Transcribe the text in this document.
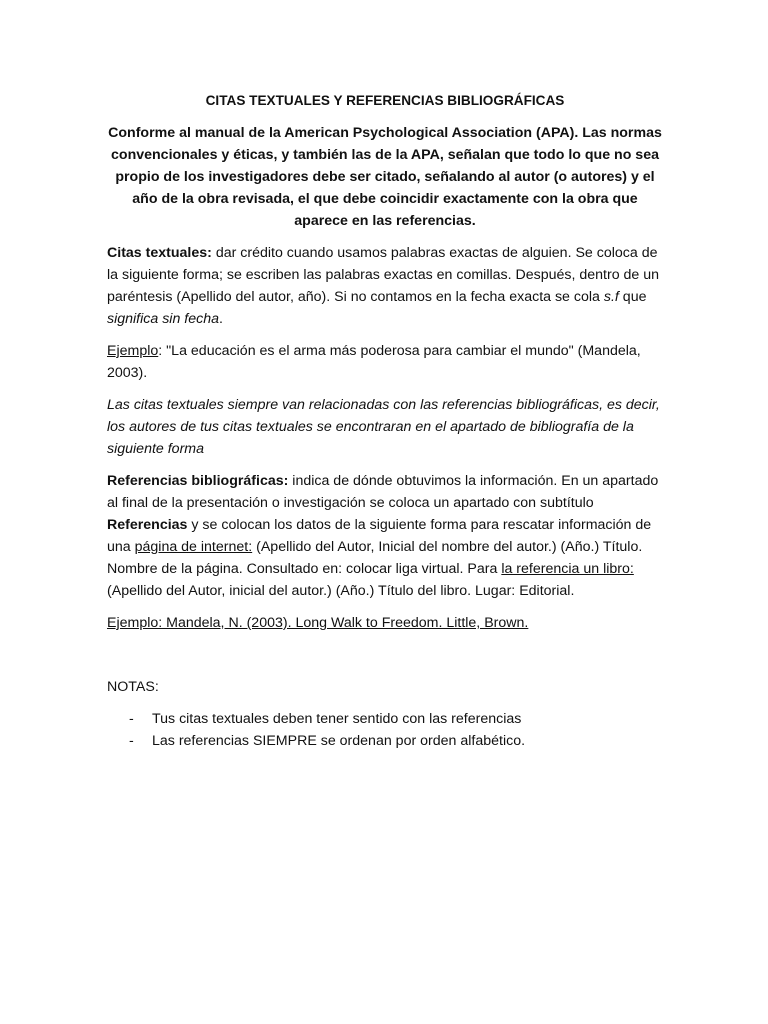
CITAS TEXTUALES Y REFERENCIAS BIBLIOGRÁFICAS

Conforme al manual de la American Psychological Association (APA). Las normas convencionales y éticas, y también las de la APA, señalan que todo lo que no sea propio de los investigadores debe ser citado, señalando al autor (o autores) y el año de la obra revisada, el que debe coincidir exactamente con la obra que aparece en las referencias.

Citas textuales: dar crédito cuando usamos palabras exactas de alguien. Se coloca de la siguiente forma; se escriben las palabras exactas en comillas. Después, dentro de un paréntesis (Apellido del autor, año). Si no contamos en la fecha exacta se cola s.f que significa sin fecha.

Ejemplo: "La educación es el arma más poderosa para cambiar el mundo" (Mandela, 2003).

Las citas textuales siempre van relacionadas con las referencias bibliográficas, es decir, los autores de tus citas textuales se encontraran en el apartado de bibliografía de la siguiente forma

Referencias bibliográficas: indica de dónde obtuvimos la información. En un apartado al final de la presentación o investigación se coloca un apartado con subtítulo Referencias y se colocan los datos de la siguiente forma para rescatar información de una página de internet: (Apellido del Autor, Inicial del nombre del autor.) (Año.) Título. Nombre de la página. Consultado en: colocar liga virtual. Para la referencia un libro: (Apellido del Autor, inicial del autor.) (Año.) Título del libro. Lugar: Editorial.

Ejemplo: Mandela, N. (2003). Long Walk to Freedom. Little, Brown.

NOTAS:

-	Tus citas textuales deben tener sentido con las referencias
-	Las referencias SIEMPRE se ordenan por orden alfabético.
